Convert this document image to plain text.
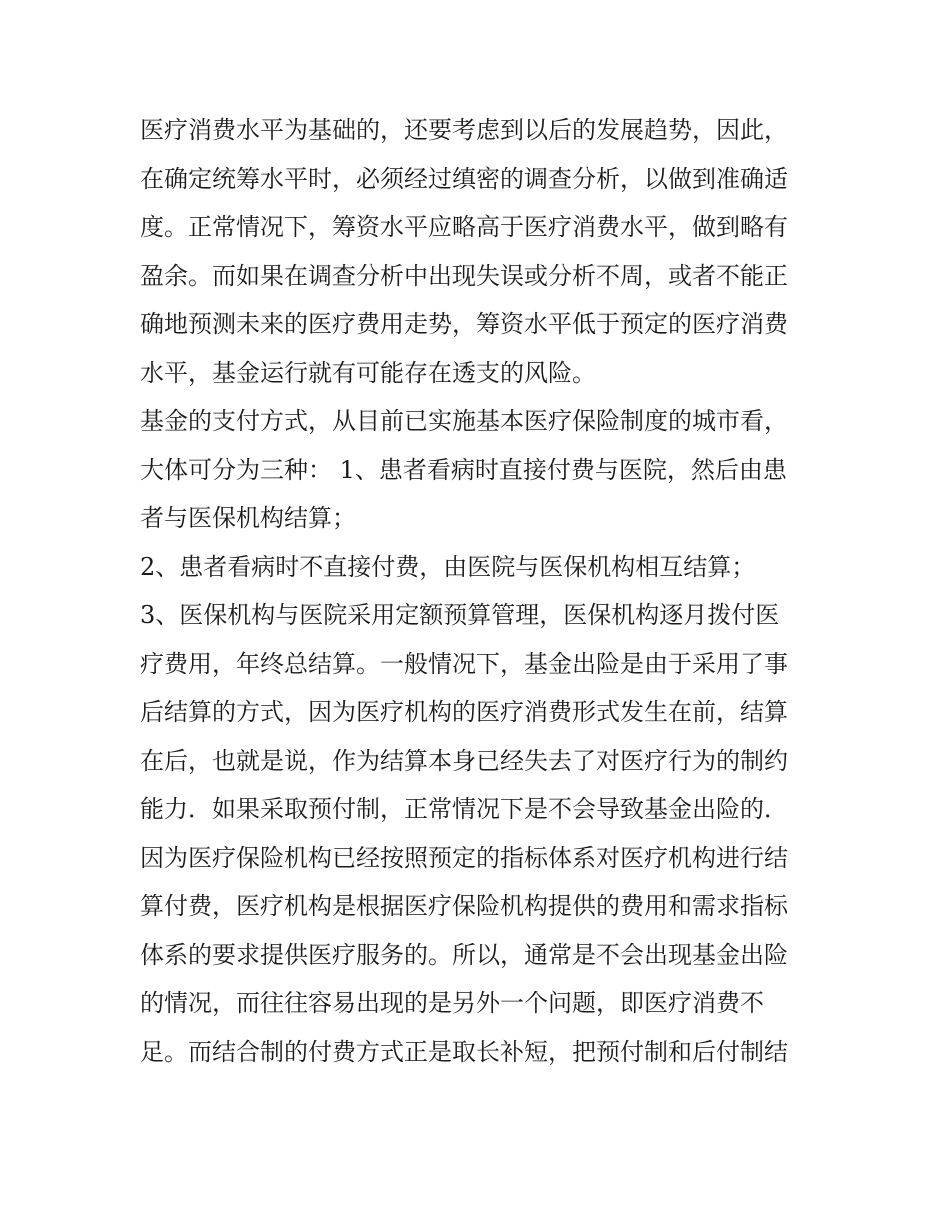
医疗消费水平为基础的，还要考虑到以后的发展趋势，因此，
在确定统筹水平时，必须经过缜密的调查分析，以做到准确适
度。正常情况下，筹资水平应略高于医疗消费水平，做到略有
盈余。而如果在调查分析中出现失误或分析不周，或者不能正
确地预测未来的医疗费用走势，筹资水平低于预定的医疗消费
水平，基金运行就有可能存在透支的风险。
基金的支付方式，从目前已实施基本医疗保险制度的城市看，
大体可分为三种： 1、患者看病时直接付费与医院，然后由患
者与医保机构结算；
2、患者看病时不直接付费，由医院与医保机构相互结算；
3、医保机构与医院采用定额预算管理，医保机构逐月拨付医
疗费用，年终总结算。一般情况下，基金出险是由于采用了事
后结算的方式，因为医疗机构的医疗消费形式发生在前，结算
在后，也就是说，作为结算本身已经失去了对医疗行为的制约
能力．如果采取预付制，正常情况下是不会导致基金出险的．
因为医疗保险机构已经按照预定的指标体系对医疗机构进行结
算付费，医疗机构是根据医疗保险机构提供的费用和需求指标
体系的要求提供医疗服务的。所以，通常是不会出现基金出险
的情况，而往往容易出现的是另外一个问题，即医疗消费不
足。而结合制的付费方式正是取长补短，把预付制和后付制结
